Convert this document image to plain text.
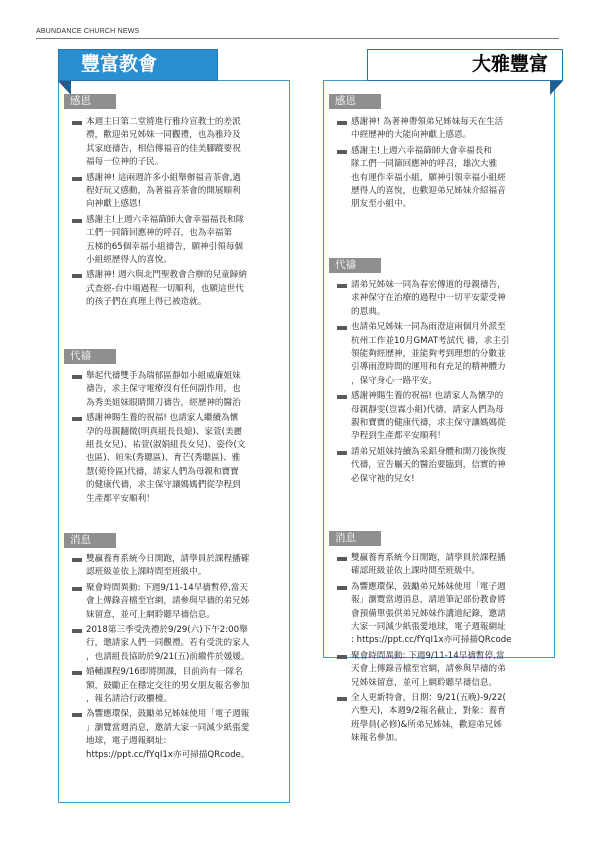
ABUNDANCE CHURCH NEWS
豐富教會
感恩
本週主日第二堂將進行雅玲宣教士的差派
禮，歡迎弟兄姊妹一同觀禮，也為雅玲及
其家庭禱告，相信傳福音的佳美腳蹤要祝
福每一位神的子民。
感謝神! 這兩週許多小組舉辦福音茶會,過
程好玩又感動，為著福音茶會的開展順利
向神獻上感恩!
感謝主!上週六幸福篩師大會幸福福長和隊
工們一同篩回應神的呼召，也為幸福第
五梯的65個幸福小組禱告，願神引領每個
小組經歷得人的喜悅。
感謝神! 週六與北門聖教會合辦的兒童歸納
式查經-台中場過程一切順利，也願這世代
的孩子們在真理上得已被造就。
代禱
舉起代禱雙手為瑞郁區靜如小組威廉姐妹
禱告，求主保守電療沒有任何副作用，也
為秀美姐妹眼睛開刀禱告，經歷神的醫治
感謝神賜生養的祝福! 也請家人繼續為懷
孕的母親翻微(明真組長長媳)、家萱(美麗
組長女兒)、祐萱(淑娟組長女兒)、姿伶(文
也區)、姮朱(秀聰區)、育芒(秀聰區)、雅
慧(菀伶區)代禱，請家人們為母親和寶寶
的健康代禱，求主保守讓媽媽們從孕程到
生產都平安順利！
消息
雙贏養育系統今日開跑，請學員於課程播確
認班級並依上課時間至班級中。
聚會時間異動: 下週9/11-14早禱暫停,當天
會上傳錄音檔至官網，請參與早禱的弟兄姊
妹留意，並可上網聆聽早禱信息。
2018第三季受洗禮於9/29(六)下午2:00舉
行，邀請家人們一同觀禮。若有受洗的家人
，也請組長協助於9/21(五)前繳件於媛媛。
婚輔課程9/16即將開課，目前尚有一隊名
額，鼓勵正在穩定交往的男女朋友報名參加
，報名請洽行政櫃檯。
為響應環保，鼓勵弟兄姊妹使用「電子週報
」瀏覽當週消息，邀請大家一同減少紙張愛
地球，電子週報網址:
https://ppt.cc/fYqI1x亦可掃描QRcode。
大雅豐富
感恩
感謝神! 為著神帶領弟兄姊妹每天在生活
中經歷神的大能向神獻上感恩。
感謝主!上週六幸福篩師大會幸福長和
隊工們一同篩回應神的呼召，雄次大雅
也有運作幸福小組，願神引領幸福小組經
歷得人的喜悅，也歡迎弟兄姊妹介紹福音
朋友至小組中。
代禱
請弟兄姊妹一同為春宏傳道的母親禱告，
求神保守在治療的過程中一切平安蒙受神
的恩典。
也請弟兄姊妹一同為雨澄這兩個月外派至
杭州工作並10月GMAT考試代 禱，求主引
領能夠經歷神，並能夠考到理想的分數並
引導雨澄時間的運用和有充足的精神體力
，保守身心一路平安。
感謝神賜生養的祝福! 也請家人為懷孕的
母親靜雯(豈霖小組)代禱，請家人們為母
親和寶寶的健康代禱，求主保守讓媽媽從
孕程到生產都平安順利！
請弟兄姐妹持續為采鋁身體和開刀後恢復
代禱，宣告屬天的醫治要臨到，信實的神
必保守祂的兒女!
消息
雙贏養育系統今日開跑，請學員於課程播
確認班級並依上課時間至班級中。
為響應環保，鼓勵弟兄姊妹使用「電子週
報」瀏覽當週消息，請道筆記部份教會將
會預備單張供弟兄姊妹作講道紀錄，邀請
大家一同減少紙張愛地球，電子週報網址
: https://ppt.cc/fYqI1x亦可掃描QRcode
聚會時間異動: 下週9/11-14早禱暫停,當
天會上傳錄音檔至官網，請參與早禱的弟
兄姊妹留意，並可上網聆聽早禱信息。
全人更新特會，日期：9/21(五晚)-9/22(
六整天)，本週9/2報名截止，對象：養育
班學員(必修)&所弟兄姊妹，歡迎弟兄姊
妹報名參加。
